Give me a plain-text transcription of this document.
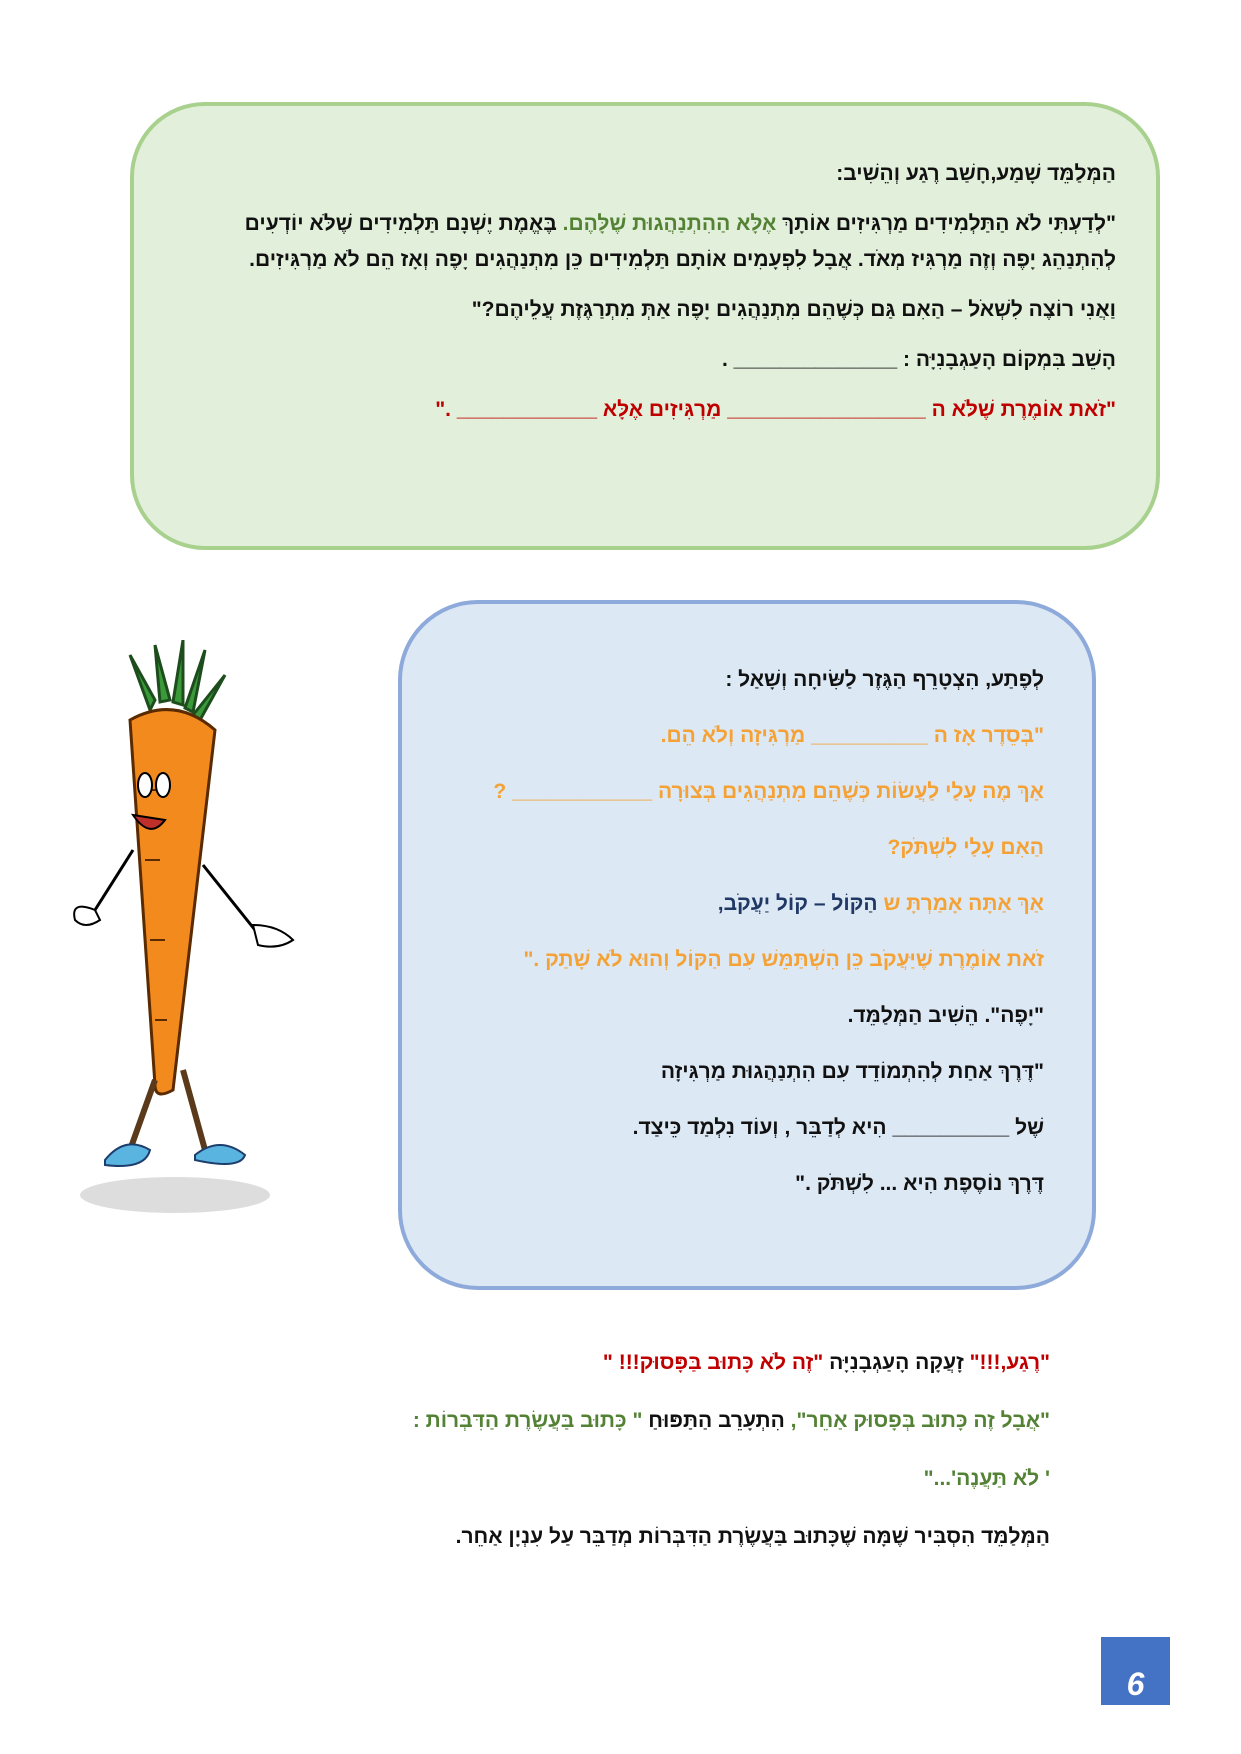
הַמְּלַמֵּד שָׁמַע,חָשַׁב רֶגַע וְהֵשִׁיב:

"לְדַעְתִּי לֹא הַתַּלְמִידִים מַרְגִּיזִים אוֹתָךְ אֶלָּא הַהִתְנַהֲגוּת שֶׁלָּהֶם. בֶּאֱמֶת יֶשְׁנָם תַּלְמִידִים שֶׁלֹּא יוֹדְעִים לְהִתְנַהֵג יָפֶה וְזֶה מַרְגִּיז מְאֹד. אֲבָל לִפְעָמִים אוֹתָם תַּלְמִידִים כֵּן מִתְנַהֲגִים יָפֶה וְאָז הֵם לֹא מַרְגִּיזִים.

וַאֲנִי רוֹצֶה לִשְׁאֹל – הַאִם גַּם כְּשֶׁהֵם מִתְנַהֲגִים יָפֶה אַתְּ מִתְרַגֶּזֶת עֲלֵיהֶם?"

הָשֵׁב בִּמְקוֹם הָעַגְבָנִיָּה : ______________ .

"זֹאת אוֹמֶרֶת שֶׁלֹּא ה _________________ מַרְגִּיזִים אֶלָּא ____________ ."

לְפֶתַע, הִצְטָרֵף הַגֶּזֶר לַשִּׂיחָה וְשָׁאַל :

"בְּסֵדֶר אָז ה __________ מַרְגִּיזָה וְלֹא הֵם.

אַךְ מֶה עָלַי לַעֲשׂוֹת כְּשֶׁהֵם מִתְנַהֲגִים בְּצוּרָה ____________ ?

הַאִם עָלַי לִשְׁתֹּק?

אַךְ אַתָּה אָמַרְתָּ ש הַקּוֹל – קוֹל יַעֲקֹב,

זֹאת אוֹמֶרֶת שֶׁיַּעֲקֹב כֵּן הִשְׁתַּמֵּשׁ עִם הַקּוֹל וְהוּא לֹא שָׁתַק ."

"יָפֶה". הֵשִׁיב הַמְּלַמֵּד.

"דֶּרֶךְ אַחַת לְהִתְמוֹדֵד עִם הִתְנַהֲגוּת מַרְגִּיזָה

שֶׁל __________ הִיא לְדַבֵּר , וְעוֹד נִלְמַד כֵּיצַד.

דֶּרֶךְ נוֹסֶפֶת הִיא ... לִשְׁתֹּק ."

"רֶגַע,!!!" זָעֲקָה הָעַגְבָנִיָּה "זֶה לֹא כָּתוּב בַּפָּסוּק!!! "

"אֲבָל זֶה כָּתוּב בְּפָסוּק אַחֵר", הִתְעָרֵב הַתַּפּוּחַ " כָּתוּב בַּעֲשֶׂרֶת הַדִּבְּרוֹת :

' לֹא תַּעֲנֶה'..."

הַמְּלַמֵּד הִסְבִּיר שֶׁמָּה שֶׁכָּתוּב בַּעֲשֶׂרֶת הַדִּבְּרוֹת מְדַבֵּר עַל עִנְיָן אַחֵר.

6
